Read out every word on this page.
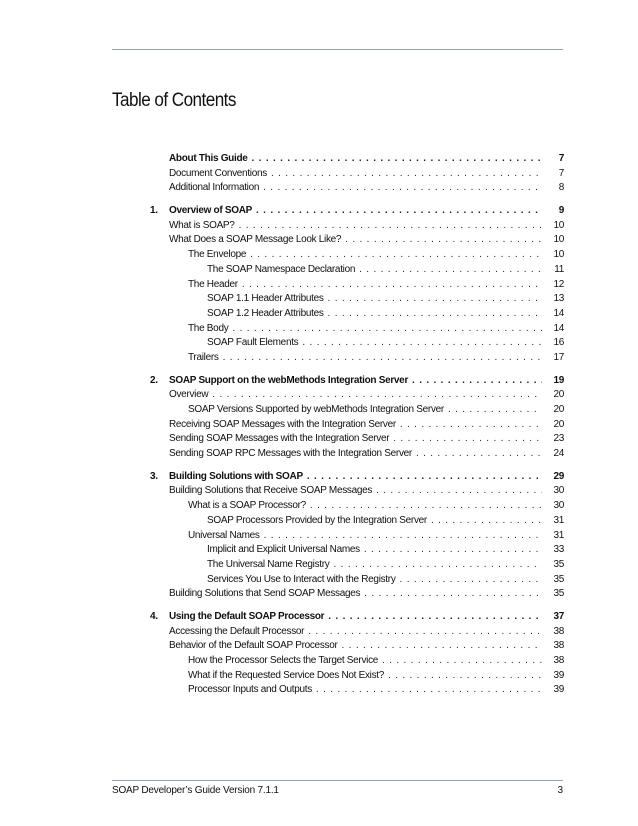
Table of Contents
About This Guide . . .	7
Document Conventions . . .	7
Additional Information . . .	8
1.	Overview of SOAP . . .	9
What is SOAP? . . .	10
What Does a SOAP Message Look Like? . . .	10
The Envelope . . .	10
The SOAP Namespace Declaration . . .	11
The Header . . .	12
SOAP 1.1 Header Attributes . . .	13
SOAP 1.2 Header Attributes . . .	14
The Body . . .	14
SOAP Fault Elements . . .	16
Trailers . . .	17
2.	SOAP Support on the webMethods Integration Server . . .	19
Overview . . .	20
SOAP Versions Supported by webMethods Integration Server . . .	20
Receiving SOAP Messages with the Integration Server . . .	20
Sending SOAP Messages with the Integration Server . . .	23
Sending SOAP RPC Messages with the Integration Server . . .	24
3.	Building Solutions with SOAP . . .	29
Building Solutions that Receive SOAP Messages . . .	30
What is a SOAP Processor? . . .	30
SOAP Processors Provided by the Integration Server . . .	31
Universal Names . . .	31
Implicit and Explicit Universal Names . . .	33
The Universal Name Registry . . .	35
Services You Use to Interact with the Registry . . .	35
Building Solutions that Send SOAP Messages . . .	35
4.	Using the Default SOAP Processor . . .	37
Accessing the Default Processor . . .	38
Behavior of the Default SOAP Processor . . .	38
How the Processor Selects the Target Service . . .	38
What if the Requested Service Does Not Exist? . . .	39
Processor Inputs and Outputs . . .	39
SOAP Developer’s Guide Version 7.1.1	3
